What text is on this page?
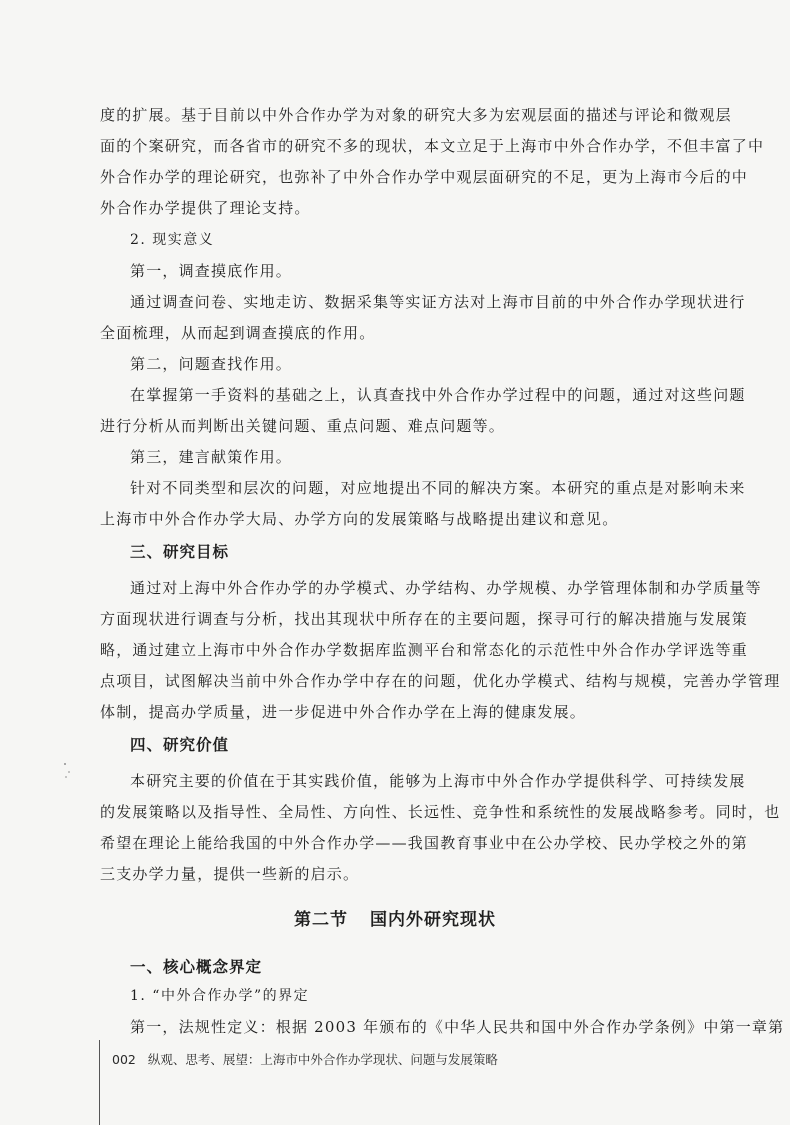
度的扩展。基于目前以中外合作办学为对象的研究大多为宏观层面的描述与评论和微观层
面的个案研究，而各省市的研究不多的现状，本文立足于上海市中外合作办学，不但丰富了中
外合作办学的理论研究，也弥补了中外合作办学中观层面研究的不足，更为上海市今后的中
外合作办学提供了理论支持。
2. 现实意义
第一，调查摸底作用。
通过调查问卷、实地走访、数据采集等实证方法对上海市目前的中外合作办学现状进行
全面梳理，从而起到调查摸底的作用。
第二，问题查找作用。
在掌握第一手资料的基础之上，认真查找中外合作办学过程中的问题，通过对这些问题
进行分析从而判断出关键问题、重点问题、难点问题等。
第三，建言献策作用。
针对不同类型和层次的问题，对应地提出不同的解决方案。本研究的重点是对影响未来
上海市中外合作办学大局、办学方向的发展策略与战略提出建议和意见。
三、研究目标
通过对上海中外合作办学的办学模式、办学结构、办学规模、办学管理体制和办学质量等
方面现状进行调查与分析，找出其现状中所存在的主要问题，探寻可行的解决措施与发展策
略，通过建立上海市中外合作办学数据库监测平台和常态化的示范性中外合作办学评选等重
点项目，试图解决当前中外合作办学中存在的问题，优化办学模式、结构与规模，完善办学管理
体制，提高办学质量，进一步促进中外合作办学在上海的健康发展。
四、研究价值
本研究主要的价值在于其实践价值，能够为上海市中外合作办学提供科学、可持续发展
的发展策略以及指导性、全局性、方向性、长远性、竞争性和系统性的发展战略参考。同时，也
希望在理论上能给我国的中外合作办学——我国教育事业中在公办学校、民办学校之外的第
三支办学力量，提供一些新的启示。
第二节 国内外研究现状
一、核心概念界定
1. “中外合作办学”的界定
第一，法规性定义：根据 2003 年颁布的《中华人民共和国中外合作办学条例》中第一章第
002 纵观、思考、展望：上海市中外合作办学现状、问题与发展策略
